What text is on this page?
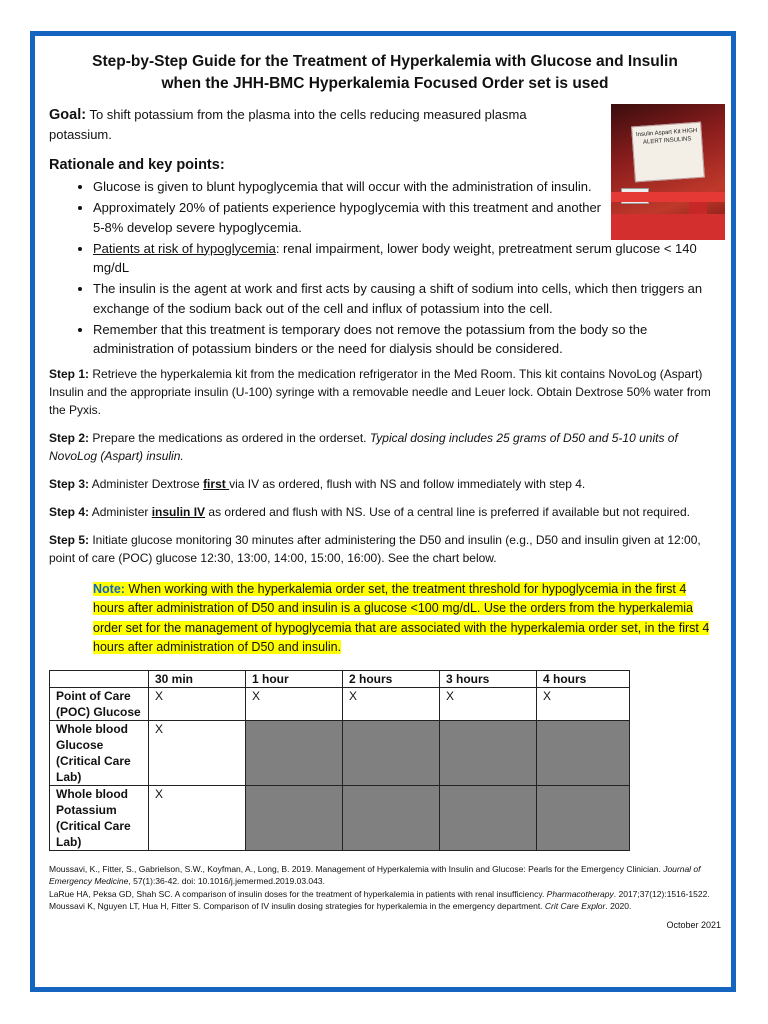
Step-by-Step Guide for the Treatment of Hyperkalemia with Glucose and Insulin
when the JHH-BMC Hyperkalemia Focused Order set is used

Insulin Aspart Kit HIGH ALERT INSULINS
Goal: To shift potassium from the plasma into the cells reducing measured plasma potassium.
Rationale and key points:
• Glucose is given to blunt hypoglycemia that will occur with the administration of insulin.
• Approximately 20% of patients experience hypoglycemia with this treatment and another 5-8% develop severe hypoglycemia.
• Patients at risk of hypoglycemia: renal impairment, lower body weight, pretreatment serum glucose < 140 mg/dL
• The insulin is the agent at work and first acts by causing a shift of sodium into cells, which then triggers an exchange of the sodium back out of the cell and influx of potassium into the cell.
• Remember that this treatment is temporary does not remove the potassium from the body so the administration of potassium binders or the need for dialysis should be considered.
Step 1: Retrieve the hyperkalemia kit from the medication refrigerator in the Med Room. This kit contains NovoLog (Aspart) Insulin and the appropriate insulin (U-100) syringe with a removable needle and Leuer lock. Obtain Dextrose 50% water from the Pyxis.
Step 2: Prepare the medications as ordered in the orderset. Typical dosing includes 25 grams of D50 and 5-10 units of NovoLog (Aspart) insulin.
Step 3: Administer Dextrose first via IV as ordered, flush with NS and follow immediately with step 4.
Step 4: Administer insulin IV as ordered and flush with NS. Use of a central line is preferred if available but not required.
Step 5: Initiate glucose monitoring 30 minutes after administering the D50 and insulin (e.g., D50 and insulin given at 12:00, point of care (POC) glucose 12:30, 13:00, 14:00, 15:00, 16:00). See the chart below.
Note: When working with the hyperkalemia order set, the treatment threshold for hypoglycemia in the first 4 hours after administration of D50 and insulin is a glucose <100 mg/dL. Use the orders from the hyperkalemia order set for the management of hypoglycemia that are associated with the hyperkalemia order set, in the first 4 hours after administration of D50 and insulin.
	30 min	1 hour	2 hours	3 hours	4 hours
Point of Care (POC) Glucose	X	X	X	X	X
Whole blood Glucose (Critical Care Lab)	X				
Whole blood Potassium (Critical Care Lab)	X				
Moussavi, K., Fitter, S., Gabrielson, S.W., Koyfman, A., Long, B. 2019. Management of Hyperkalemia with Insulin and Glucose: Pearls for the Emergency Clinician. Journal of Emergency Medicine, 57(1):36-42. doi: 10.1016/j.jemermed.2019.03.043.
LaRue HA, Peksa GD, Shah SC. A comparison of insulin doses for the treatment of hyperkalemia in patients with renal insufficiency. Pharmacotherapy. 2017;37(12):1516-1522.
Moussavi K, Nguyen LT, Hua H, Fitter S. Comparison of IV insulin dosing strategies for hyperkalemia in the emergency department. Crit Care Explor. 2020.
October 2021
